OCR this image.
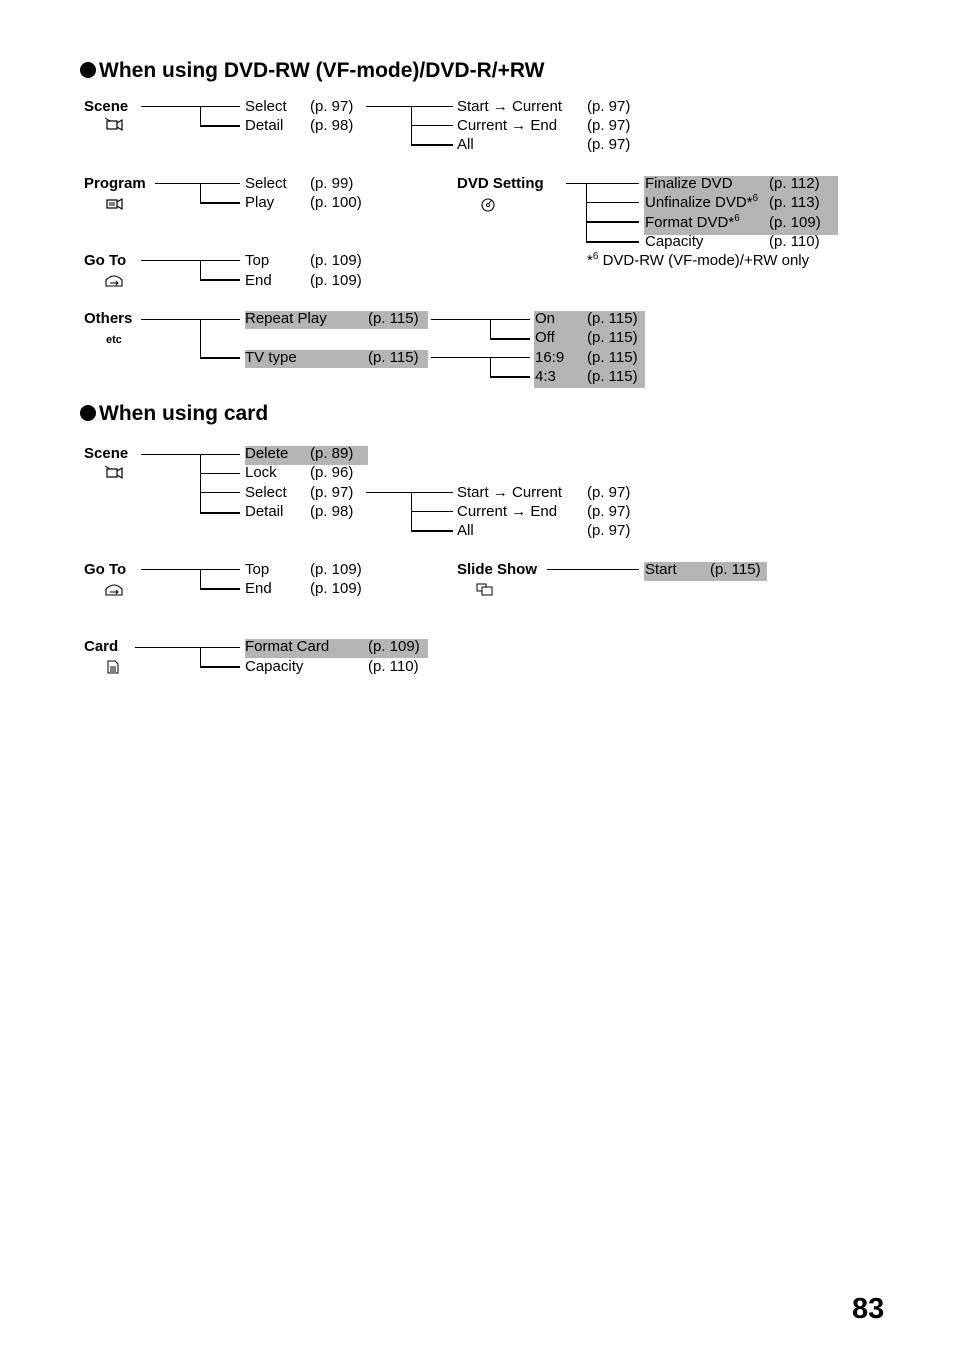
When using DVD-RW (VF-mode)/DVD-R/+RW
Scene	Select (p. 97)
Detail (p. 98)
Start → Current (p. 97)
Current → End (p. 97)
All	(p. 97)
Program	Select (p. 99)
Play (p. 100)
DVD Setting	Finalize DVD (p. 112)
Unfinalize DVD*$^6$ (p. 113)
Format DVD*$^6$ (p. 109)
Capacity	(p. 110)
*$^6$ DVD-RW (VF-mode)/+RW only
Go To	Top	(p. 109)
End	(p. 109)
Others
etc
Repeat Play	(p. 115)
TV type	(p. 115)
On (p. 115)
Off (p. 115)
16:9 (p. 115)
4:3 (p. 115)
When using card
Scene	Delete (p. 89)
Lock (p. 96)
Select (p. 97)
Detail (p. 98)
Start → Current (p. 97)
Current → End (p. 97)
All	(p. 97)
Go To	Top	(p. 109)
End	(p. 109)
Slide Show	Start (p. 115)
Card	Format Card	(p. 109)
Capacity	(p. 110)
83
